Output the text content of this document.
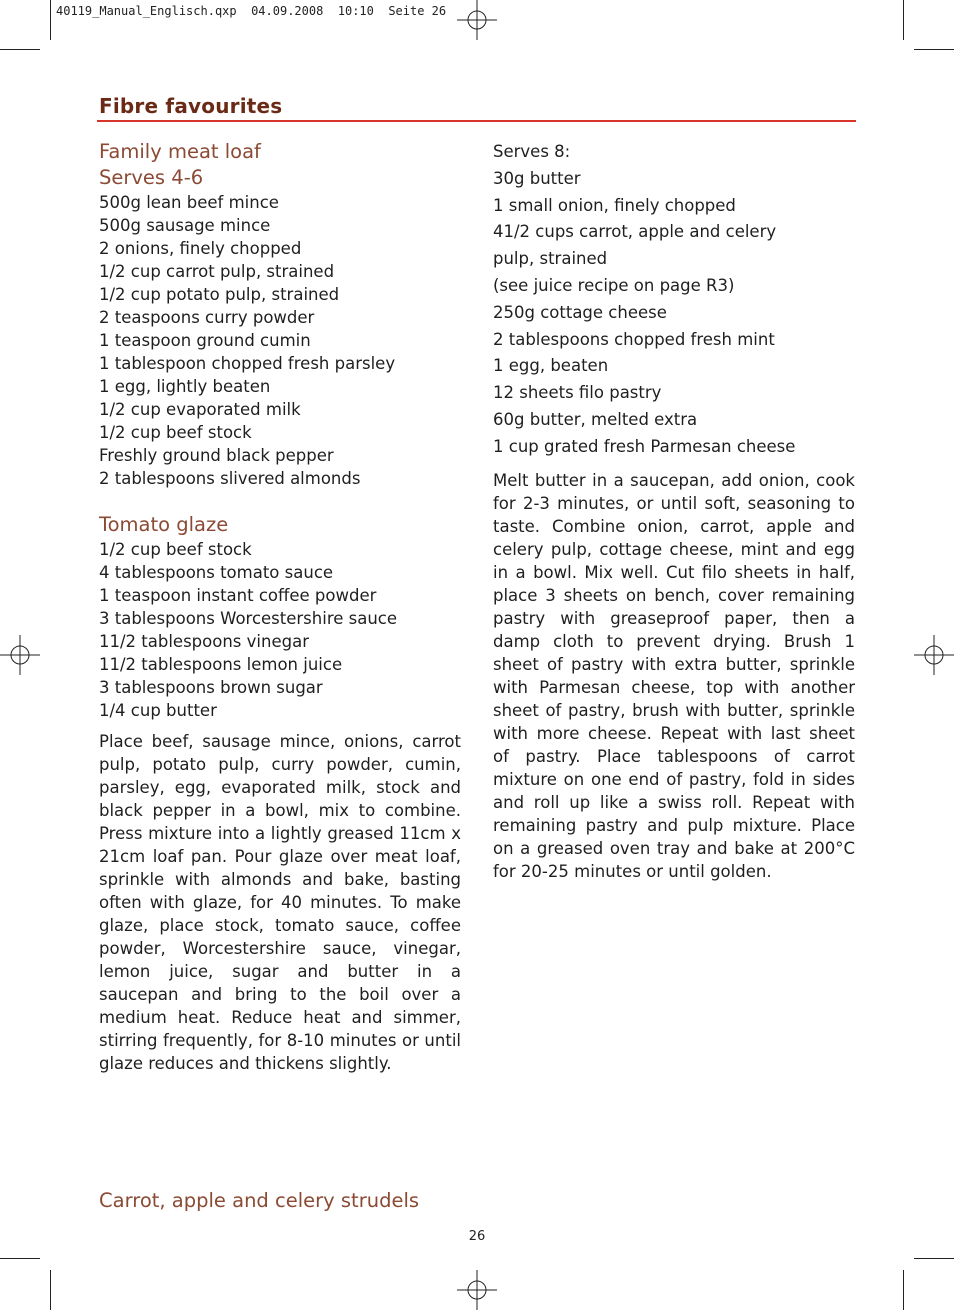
40119_Manual_Englisch.qxp  04.09.2008  10:10  Seite 26
Fibre favourites
Family meat loaf
Serves 4-6
500g lean beef mince
500g sausage mince
2 onions, finely chopped
1/2 cup carrot pulp, strained
1/2 cup potato pulp, strained
2 teaspoons curry powder
1 teaspoon ground cumin
1 tablespoon chopped fresh parsley
1 egg, lightly beaten
1/2 cup evaporated milk
1/2 cup beef stock
Freshly ground black pepper
2 tablespoons slivered almonds
Tomato glaze
1/2 cup beef stock
4 tablespoons tomato sauce
1 teaspoon instant coffee powder
3 tablespoons Worcestershire sauce
11/2 tablespoons vinegar
11/2 tablespoons lemon juice
3 tablespoons brown sugar
1/4 cup butter
Place beef, sausage mince, onions, carrot pulp, potato pulp, curry powder, cumin, parsley, egg, evaporated milk, stock and black pepper in a bowl, mix to combine. Press mixture into a lightly greased 11cm x 21cm loaf pan. Pour glaze over meat loaf, sprinkle with almonds and bake, basting often with glaze, for 40 minutes. To make glaze, place stock, tomato sauce, coffee powder, Worcestershire sauce, vinegar, lemon juice, sugar and butter in a saucepan and bring to the boil over a medium heat. Reduce heat and simmer, stirring frequently, for 8-10 minutes or until glaze reduces and thickens slightly.
Serves 8:
30g butter
1 small onion, finely chopped
41/2 cups carrot, apple and celery
pulp, strained
(see juice recipe on page R3)
250g cottage cheese
2 tablespoons chopped fresh mint
1 egg, beaten
12 sheets filo pastry
60g butter, melted extra
1 cup grated fresh Parmesan cheese
Melt butter in a saucepan, add onion, cook for 2-3 minutes, or until soft, seasoning to taste. Combine onion, carrot, apple and celery pulp, cottage cheese, mint and egg in a bowl. Mix well. Cut filo sheets in half, place 3 sheets on bench, cover remaining pastry with greaseproof paper, then a damp cloth to prevent drying. Brush 1 sheet of pastry with extra butter, sprinkle with Parmesan cheese, top with another sheet of pastry, brush with butter, sprinkle with more cheese. Repeat with last sheet of pastry. Place tablespoons of carrot mixture on one end of pastry, fold in sides and roll up like a swiss roll. Repeat with remaining pastry and pulp mixture. Place on a greased oven tray and bake at 200°C for 20-25 minutes or until golden.
Carrot, apple and celery strudels
26
